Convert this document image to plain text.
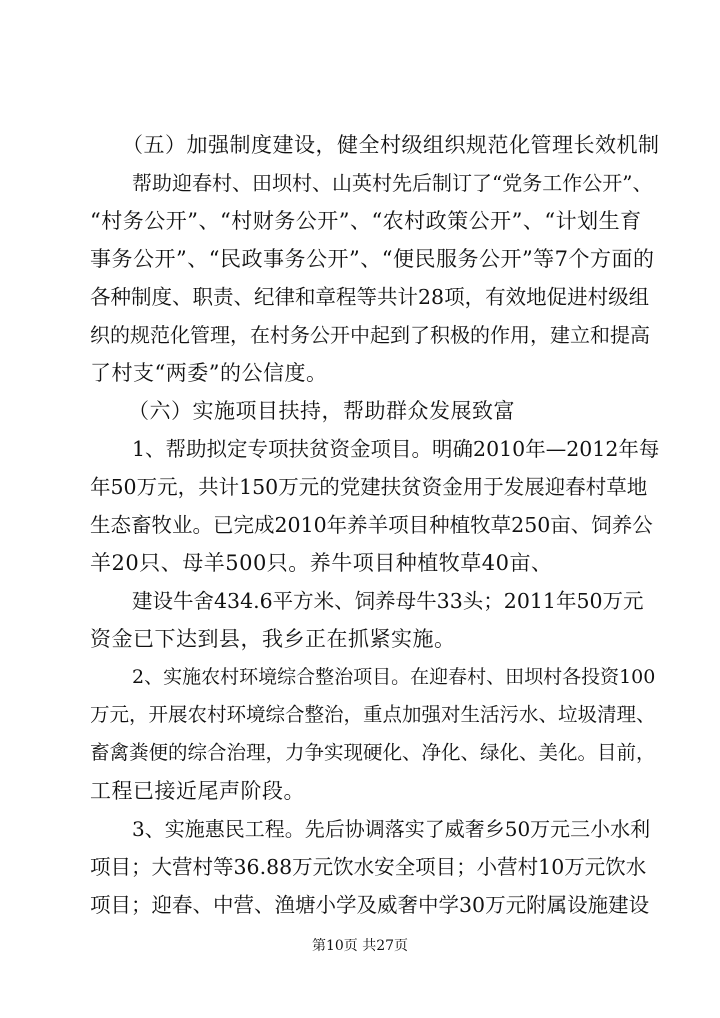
（五）加强制度建设，健全村级组织规范化管理长效机制
帮助迎春村、田坝村、山英村先后制订了“党务工作公开”、
“村务公开”、“村财务公开”、“农村政策公开”、“计划生育
事务公开”、“民政事务公开”、“便民服务公开”等7个方面的
各种制度、职责、纪律和章程等共计28项，有效地促进村级组
织的规范化管理，在村务公开中起到了积极的作用，建立和提高
了村支“两委”的公信度。
（六）实施项目扶持，帮助群众发展致富
1、帮助拟定专项扶贫资金项目。明确2010年—2012年每
年50万元，共计150万元的党建扶贫资金用于发展迎春村草地
生态畜牧业。已完成2010年养羊项目种植牧草250亩、饲养公
羊20只、母羊500只。养牛项目种植牧草40亩、
建设牛舍434.6平方米、饲养母牛33头；2011年50万元
资金已下达到县，我乡正在抓紧实施。
2、实施农村环境综合整治项目。在迎春村、田坝村各投资100
万元，开展农村环境综合整治，重点加强对生活污水、垃圾清理、
畜禽粪便的综合治理，力争实现硬化、净化、绿化、美化。目前，
工程已接近尾声阶段。
3、实施惠民工程。先后协调落实了威奢乡50万元三小水利
项目；大营村等36.88万元饮水安全项目；小营村10万元饮水
项目；迎春、中营、渔塘小学及威奢中学30万元附属设施建设
第10页 共27页
